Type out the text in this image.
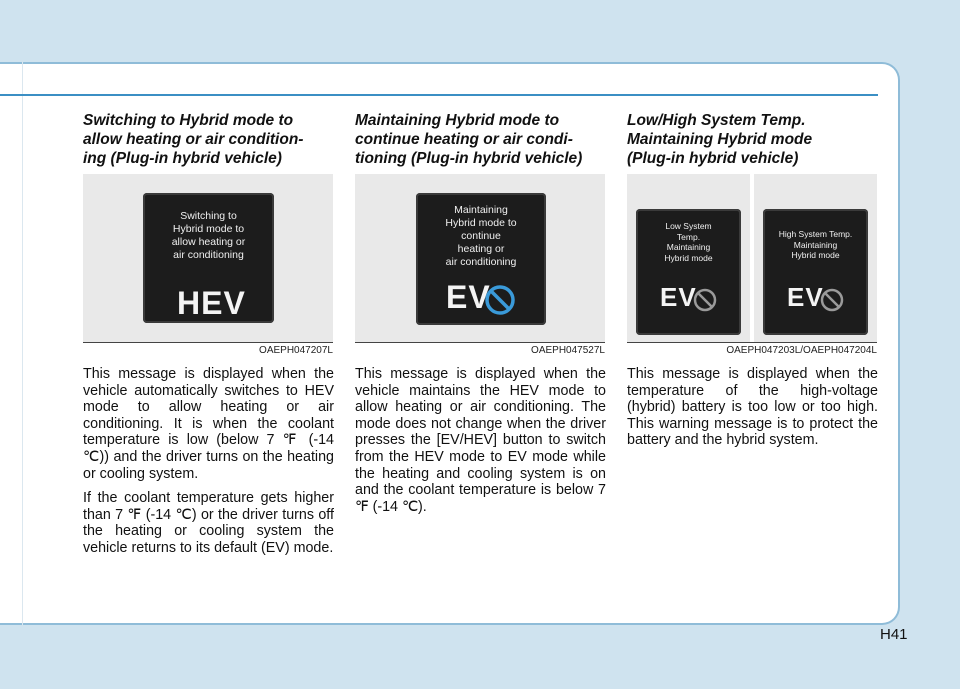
Switching to Hybrid mode to
allow heating or air condition-
ing (Plug-in hybrid vehicle)
Switching to
Hybrid mode to
allow heating or
air conditioning
HEV
OAEPH047207L

This message is displayed when the vehicle automatically switches to HEV mode to allow heating or air conditioning. It is when the coolant temperature is low (below 7 ℉ (-14 ℃)) and the driver turns on the heating or cooling system.

If the coolant temperature gets higher than 7 ℉ (-14 ℃) or the driver turns off the heating or cooling system the vehicle returns to its default (EV) mode.

Maintaining Hybrid mode to
continue heating or air condi-
tioning (Plug-in hybrid vehicle)
Maintaining
Hybrid mode to
continue
heating or
air conditioning
EV
OAEPH047527L

This message is displayed when the vehicle maintains the HEV mode to allow heating or air conditioning. The mode does not change when the driver presses the [EV/HEV] button to switch from the HEV mode to EV mode while the heating and cooling system is on and the coolant temperature is below 7 ℉ (-14 ℃).

Low/High System Temp.
Maintaining Hybrid mode
(Plug-in hybrid vehicle)
Low System
Temp.
Maintaining
Hybrid mode
EV
High System Temp.
Maintaining
Hybrid mode
EV
OAEPH047203L/OAEPH047204L

This message is displayed when the temperature of the high-voltage (hybrid) battery is too low or too high. This warning message is to protect the battery and the hybrid system.

H41
